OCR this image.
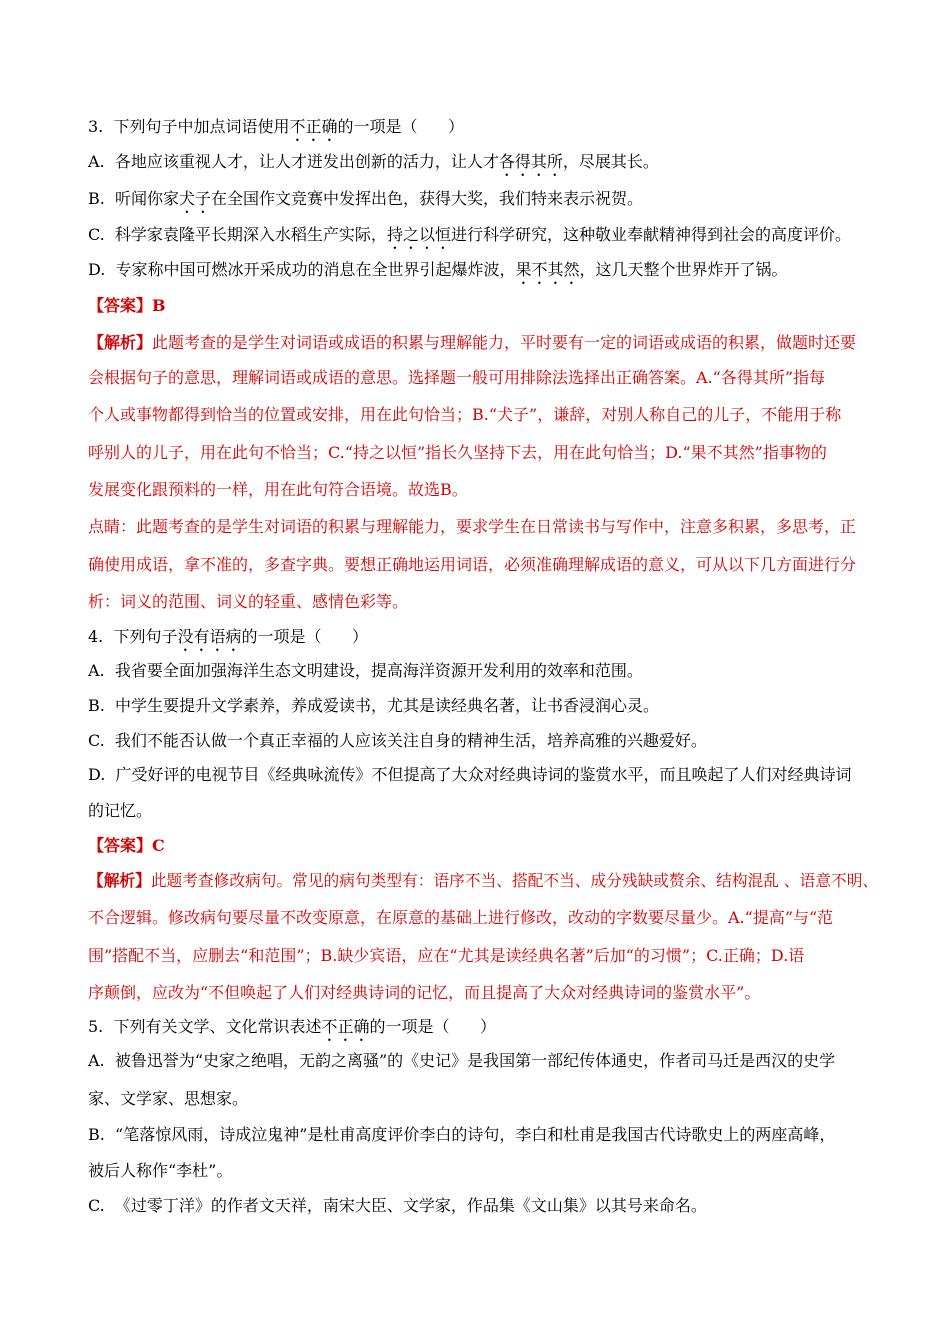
3.  下列句子中加点词语使用不正确的一项是（      ）
A.  各地应该重视人才，让人才迸发出创新的活力，让人才各得其所，尽展其长。
B.  听闻你家犬子在全国作文竞赛中发挥出色，获得大奖，我们特来表示祝贺。
C.  科学家袁隆平长期深入水稻生产实际，持之以恒进行科学研究，这种敬业奉献精神得到社会的高度评价。
D.  专家称中国可燃冰开采成功的消息在全世界引起爆炸波，果不其然，这几天整个世界炸开了锅。
【答案】B
【解析】此题考查的是学生对词语或成语的积累与理解能力，平时要有一定的词语或成语的积累，做题时还要
会根据句子的意思，理解词语或成语的意思。选择题一般可用排除法选择出正确答案。A.“各得其所”指每
个人或事物都得到恰当的位置或安排，用在此句恰当；B.“犬子”，谦辞，对别人称自己的儿子，不能用于称
呼别人的儿子，用在此句不恰当；C.“持之以恒”指长久坚持下去，用在此句恰当；D.“果不其然”指事物的
发展变化跟预料的一样，用在此句符合语境。故选B。
点睛：此题考查的是学生对词语的积累与理解能力，要求学生在日常读书与写作中，注意多积累，多思考，正
确使用成语，拿不准的，多查字典。要想正确地运用词语，必须准确理解成语的意义，可从以下几方面进行分
析：词义的范围、词义的轻重、感情色彩等。
4.  下列句子没有语病的一项是（      ）
A.  我省要全面加强海洋生态文明建设，提高海洋资源开发利用的效率和范围。
B.  中学生要提升文学素养，养成爱读书，尤其是读经典名著，让书香浸润心灵。
C.  我们不能否认做一个真正幸福的人应该关注自身的精神生活，培养高雅的兴趣爱好。
D.  广受好评的电视节目《经典咏流传》不但提高了大众对经典诗词的鉴赏水平，而且唤起了人们对经典诗词
的记忆。
【答案】C
【解析】此题考查修改病句。常见的病句类型有：语序不当、搭配不当、成分残缺或赘余、结构混乱 、语意不明、
不合逻辑。修改病句要尽量不改变原意，在原意的基础上进行修改，改动的字数要尽量少。A.“提高”与“范
围”搭配不当，应删去“和范围”；B.缺少宾语，应在“尤其是读经典名著”后加“的习惯”；C.正确；D.语
序颠倒，应改为“不但唤起了人们对经典诗词的记忆，而且提高了大众对经典诗词的鉴赏水平”。
5.  下列有关文学、文化常识表述不正确的一项是（      ）
A.  被鲁迅誉为“史家之绝唱，无韵之离骚”的《史记》是我国第一部纪传体通史，作者司马迁是西汉的史学
家、文学家、思想家。
B.  “笔落惊风雨，诗成泣鬼神”是杜甫高度评价李白的诗句，李白和杜甫是我国古代诗歌史上的两座高峰，
被后人称作“李杜”。
C.  《过零丁洋》的作者文天祥，南宋大臣、文学家，作品集《文山集》以其号来命名。
